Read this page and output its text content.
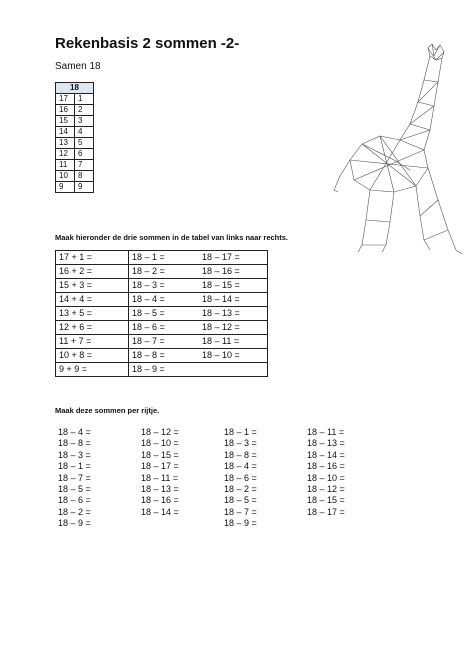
Rekenbasis 2 sommen -2-
Samen 18
18	
17	1
16	2
15	3
14	4
13	5
12	6
11	7
10	8
9	9
Maak hieronder de drie sommen in de tabel van links naar rechts.
17 + 1 =	18 – 1 =	18 – 17 =
16 + 2 =	18 – 2 =	18 – 16 =
15 + 3 =	18 – 3 =	18 – 15 =
14 + 4 =	18 – 4 =	18 – 14 =
13 + 5 =	18 – 5 =	18 – 13 =
12 + 6 =	18 – 6 =	18 – 12 =
11 + 7 =	18 – 7 =	18 – 11 =
10 + 8 =	18 – 8 =	18 – 10 =
9 + 9 =	18 – 9 =	
Maak deze sommen per rijtje.
18 – 4 =
18 – 8 =
18 – 3 =
18 – 1 =
18 – 7 =
18 – 5 =
18 – 6 =
18 – 2 =
18 – 9 =
18 – 12 =
18 – 10 =
18 – 15 =
18 – 17 =
18 – 11 =
18 – 13 =
18 – 16 =
18 – 14 =
18 – 1 =
18 – 3 =
18 – 8 =
18 – 4 =
18 – 6 =
18 – 2 =
18 – 5 =
18 – 7 =
18 – 9 =
18 – 11 =
18 – 13 =
18 – 14 =
18 – 16 =
18 – 10 =
18 – 12 =
18 – 15 =
18 – 17 =
